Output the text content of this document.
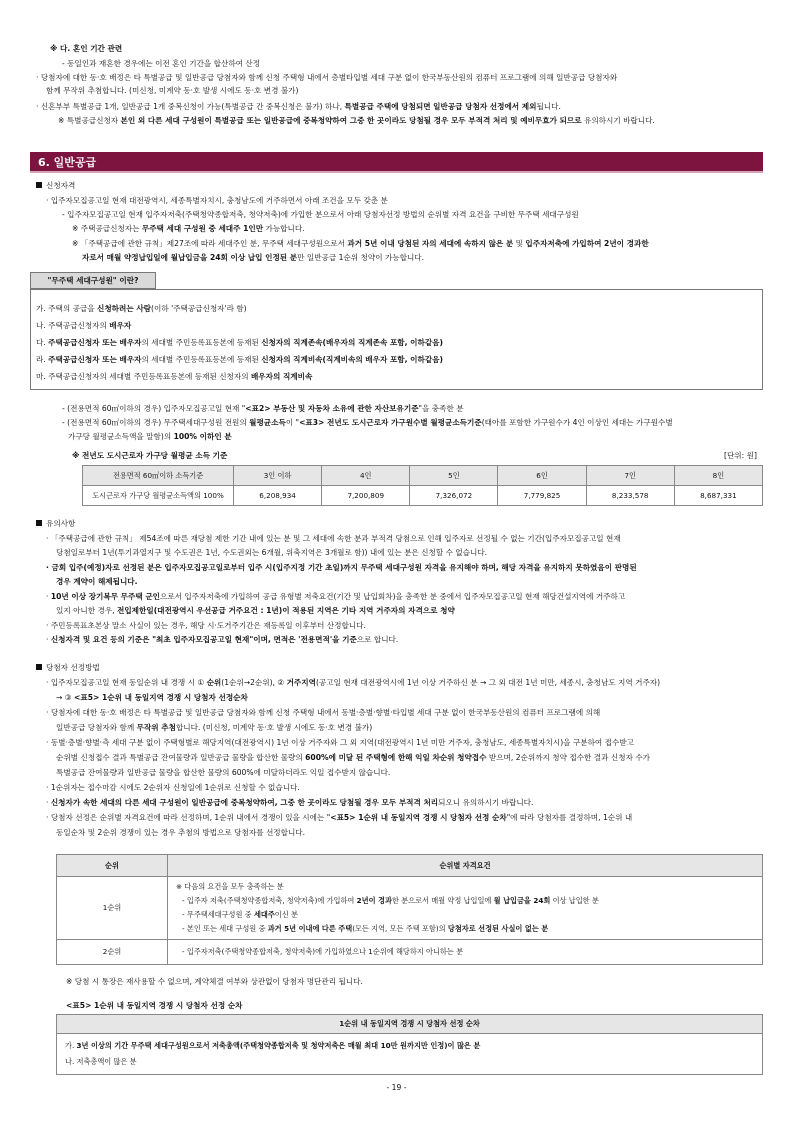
※ 다. 혼인 기간 관련
- 동일인과 재혼한 경우에는 이전 혼인 기간을 합산하여 산정
· 당첨자에 대한 동·호 배정은 타 특별공급 및 일반공급 당첨자와 함께 신청 주택형 내에서 층별타입별 세대 구분 없이 한국부동산원의 컴퓨터 프로그램에 의해 일반공급 당첨자와
함께 무작위 추첨합니다. (미신청, 미계약 동·호 발생 시에도 동·호 변경 불가)
· 신혼부부 특별공급 1개, 일반공급 1개 중복신청이 가능(특별공급 간 중복신청은 불가) 하나, 특별공급 주택에 당첨되면 일반공급 당첨자 선정에서 제외됩니다.
※ 특별공급신청자 본인 외 다른 세대 구성원이 특별공급 또는 일반공급에 중복청약하여 그중 한 곳이라도 당첨될 경우 모두 부적격 처리 및 예비무효가 되므로 유의하시기 바랍니다.
6. 일반공급
신청자격
· 입주자모집공고일 현재 대전광역시, 세종특별자치시, 충청남도에 거주하면서 아래 조건을 모두 갖춘 분
- 입주자모집공고일 현재 입주자저축(주택청약종합저축, 청약저축)에 가입한 분으로서 아래 당첨자선정 방법의 순위별 자격 요건을 구비한 무주택 세대구성원
※ 주택공급신청자는 무주택 세대 구성원 중 세대주 1인만 가능합니다.
※ 「주택공급에 관한 규칙」제27조에 따라 세대주인 분, 무주택 세대구성원으로서 과거 5년 이내 당첨된 자의 세대에 속하지 않은 분 및 입주자저축에 가입하여 2년이 경과한
자로서 매월 약정납입일에 월납입금을 24회 이상 납입 인정된 분만 일반공급 1순위 청약이 가능합니다.
"무주택 세대구성원" 이란?
가. 주택의 공급을 신청하려는 사람(이하 '주택공급신청자'라 함)
나. 주택공급신청자의 배우자
다. 주택공급신청자 또는 배우자의 세대별 주민등록표등본에 등재된 신청자의 직계존속(배우자의 직계존속 포함, 이하같음)
라. 주택공급신청자 또는 배우자의 세대별 주민등록표등본에 등재된 신청자의 직계비속(직계비속의 배우자 포함, 이하같음)
마. 주택공급신청자의 세대별 주민등록표등본에 등재된 신청자의 배우자의 직계비속
- (전용면적 60㎡이하의 경우) 입주자모집공고일 현재 "<표2> 부동산 및 자동차 소유에 관한 자산보유기준"을 충족한 분
- (전용면적 60㎡이하의 경우) 무주택세대구성원 전원의 월평균소득이 "<표3> 전년도 도시근로자 가구원수별 월평균소득기준(태아를 포함한 가구원수가 4인 이상인 세대는 가구원수별
가구당 월평균소득액을 말함)의 100% 이하인 분
※ 전년도 도시근로자 가구당 월평균 소득 기준	[단위: 원]
전용면적 60㎡이하 소득기준	3인 이하	4인	5인	6인	7인	8인
도시근로자 가구당 월평균소득액의 100%	6,208,934	7,200,809	7,326,072	7,779,825	8,233,578	8,687,331
유의사항
· 「주택공급에 관한 규칙」 제54조에 따른 재당첨 제한 기간 내에 있는 분 및 그 세대에 속한 분과 부적격 당첨으로 인해 입주자로 선정될 수 없는 기간(입주자모집공고일 현재
당첨일로부터 1년(투기과열지구 및 수도권은 1년, 수도권외는 6개월, 위축지역은 3개월로 함)) 내에 있는 분은 신청할 수 없습니다.
· 금회 입주(예정)자로 선정된 분은 입주자모집공고일로부터 입주 시(입주지정 기간 초일)까지 무주택 세대구성원 자격을 유지해야 하며, 해당 자격을 유지하지 못하였음이 판명된
경우 계약이 해제됩니다.
· 10년 이상 장기복무 무주택 군인으로서 입주자저축에 가입하여 공급 유형별 저축요건(기간 및 납입회차)을 충족한 분 중에서 입주자모집공고일 현재 해당건설지역에 거주하고
있지 아니한 경우, 전입제한일(대전광역시 우선공급 거주요건 : 1년)이 적용된 지역은 기타 지역 거주자의 자격으로 청약
· 주민등록표초본상 말소 사실이 있는 경우, 해당 시·도거주기간은 재등록일 이후부터 산정합니다.
· 신청자격 및 요건 등의 기준은 "최초 입주자모집공고일 현재"이며, 면적은 '전용면적'을 기준으로 합니다.
당첨자 선정방법
· 입주자모집공고일 현재 동일순위 내 경쟁 시 ① 순위(1순위→2순위), ② 거주지역(공고일 현재 대전광역시에 1년 이상 거주하신 분 → 그 외 대전 1년 미만, 세종시, 충청남도 지역 거주자)
→ ③ <표5> 1순위 내 동일지역 경쟁 시 당첨자 선정순차
· 당첨자에 대한 동·호 배정은 타 특별공급 및 일반공급 당첨자와 함께 신청 주택형 내에서 동별·층별·향별·타입별 세대 구분 없이 한국부동산원의 컴퓨터 프로그램에 의해
일반공급 당첨자와 함께 무작위 추첨합니다. (미신청, 미계약 동·호 발생 시에도 동·호 변경 불가)
· 동별·층별·향별·측 세대 구분 없이 주택형별로 해당지역(대전광역시) 1년 이상 거주자와 그 외 지역(대전광역시 1년 미만 거주자, 충청남도, 세종특별자치시)을 구분하여 접수받고
순위별 신청접수 결과 특별공급 잔여물량과 일반공급 물량을 합산한 물량의 600%에 미달 된 주택형에 한해 익일 차순위 청약접수 받으며, 2순위까지 청약 접수한 결과 신청자 수가
특별공급 잔여물량과 일반공급 물량을 합산한 물량의 600%에 미달하더라도 익일 접수받지 않습니다.
· 1순위자는 접수마감 시에도 2순위자 신청일에 1순위로 신청할 수 없습니다.
· 신청자가 속한 세대의 다른 세대 구성원이 일반공급에 중복청약하여, 그중 한 곳이라도 당첨될 경우 모두 부적격 처리되오니 유의하시기 바랍니다.
· 당첨자 선정은 순위별 자격요건에 따라 선정하며, 1순위 내에서 경쟁이 있을 시에는 "<표5> 1순위 내 동일지역 경쟁 시 당첨자 선정 순차"에 따라 당첨자를 결정하며, 1순위 내
동일순차 및 2순위 경쟁이 있는 경우 추첨의 방법으로 당첨자를 선정합니다.
순위	순위별 자격요건
1순위	※ 다음의 요건을 모두 충족하는 분
- 입주자 저축(주택청약종합저축, 청약저축)에 가입하여 2년이 경과한 분으로서 매월 약정 납입일에 월 납입금을 24회 이상 납입한 분
- 무주택세대구성원 중 세대주이신 분
- 본인 또는 세대 구성원 중 과거 5년 이내에 다른 주택(모든 지역, 모든 주택 포함)의 당첨자로 선정된 사실이 없는 분

2순위	- 입주자저축(주택청약종합저축, 청약저축)에 가입하였으나 1순위에 해당하지 아니하는 분
※ 당첨 시 통장은 재사용할 수 없으며, 계약체결 여부와 상관없이 당첨자 명단관리 됩니다.
<표5> 1순위 내 동일지역 경쟁 시 당첨자 선정 순차
1순위 내 동일지역 경쟁 시 당첨자 선정 순차

가. 3년 이상의 기간 무주택 세대구성원으로서 저축총액(주택청약종합저축 및 청약저축은 매월 최대 10만 원까지만 인정)이 많은 분
나. 저축총액이 많은 분
- 19 -
